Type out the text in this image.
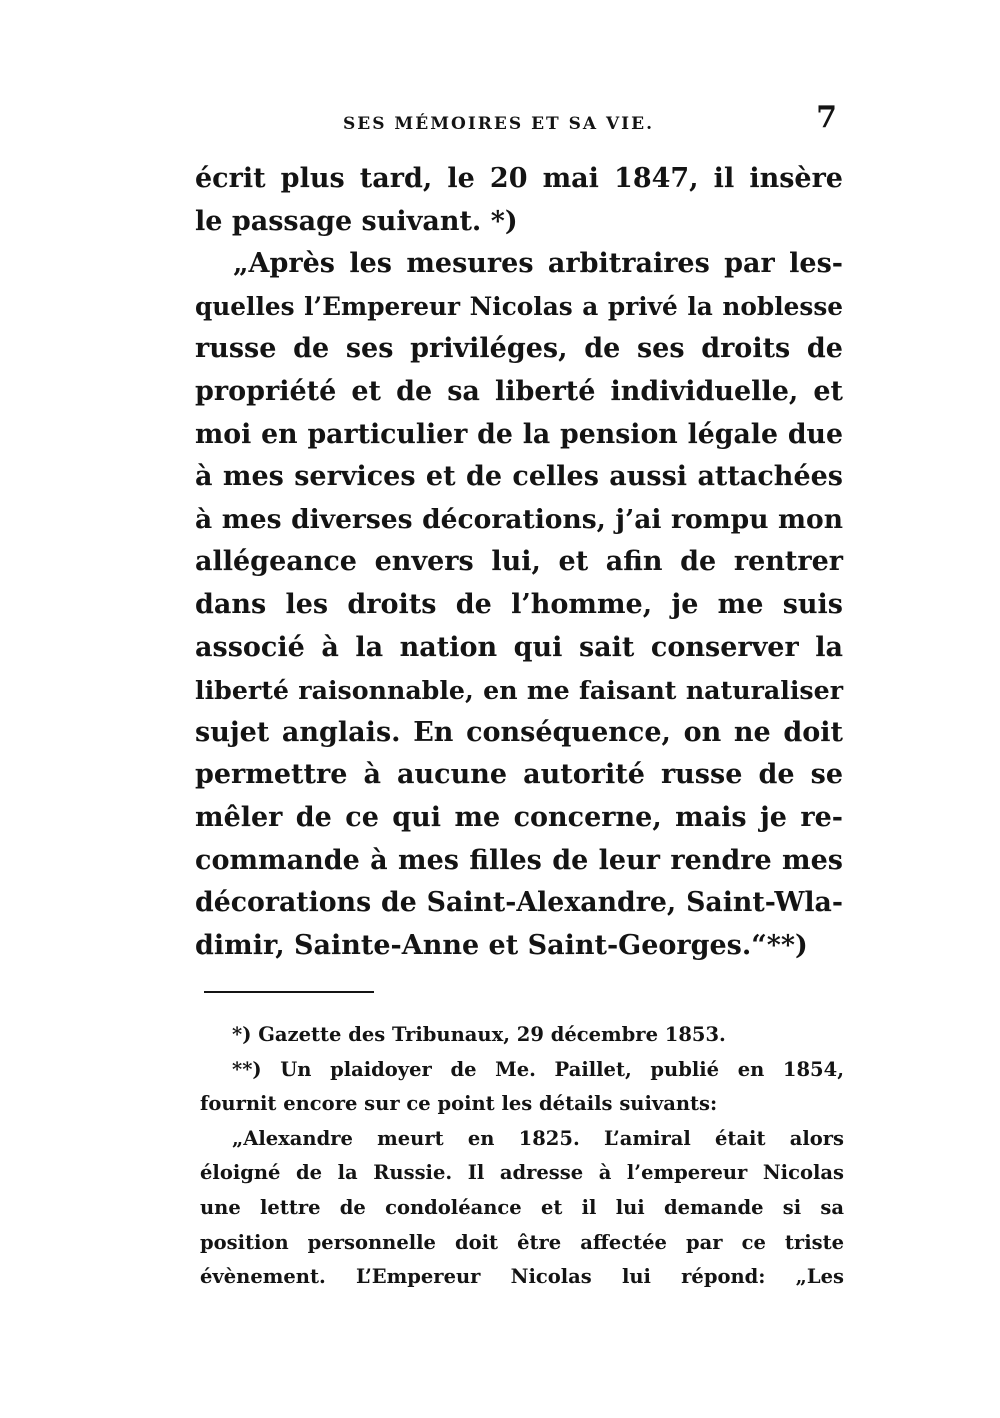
SES MÉMOIRES ET SA VIE.	7
écrit plus tard, le 20 mai 1847, il insère
le passage suivant. *)
„Après les mesures arbitraires par les-
quelles l’Empereur Nicolas a privé la noblesse
russe de ses priviléges, de ses droits de
propriété et de sa liberté individuelle, et
moi en particulier de la pension légale due
à mes services et de celles aussi attachées
à mes diverses décorations, j’ai rompu mon
allégeance envers lui, et afin de rentrer
dans les droits de l’homme, je me suis
associé à la nation qui sait conserver la
liberté raisonnable, en me faisant naturaliser
sujet anglais. En conséquence, on ne doit
permettre à aucune autorité russe de se
mêler de ce qui me concerne, mais je re-
commande à mes filles de leur rendre mes
décorations de Saint-Alexandre, Saint-Wla-
dimir, Sainte-Anne et Saint-Georges.“**)
*) Gazette des Tribunaux, 29 décembre 1853.
**) Un plaidoyer de Me. Paillet, publié en 1854,
fournit encore sur ce point les détails suivants:
„Alexandre meurt en 1825. L’amiral était alors
éloigné de la Russie. Il adresse à l’empereur Nicolas
une lettre de condoléance et il lui demande si sa
position personnelle doit être affectée par ce triste
évènement. L’Empereur Nicolas lui répond: „Les
